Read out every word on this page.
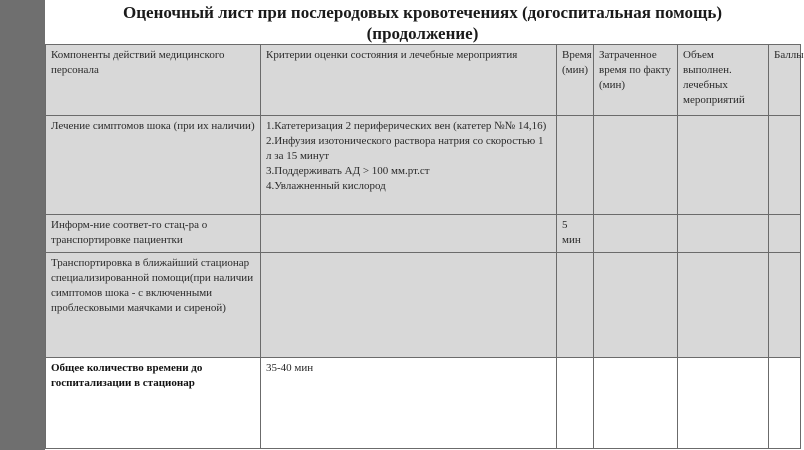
Оценочный лист при послеродовых кровотечениях (догоспитальная помощь)
(продолжение)
Компоненты действий медицинского персонала	Критерии оценки состояния и лечебные мероприятия	Время (мин)	Затраченное время по факту (мин)	Объем выполнен. лечебных мероприятий	Баллы
Лечение симптомов шока (при их наличии)	1.Катетеризация 2 периферических вен (катетер №№ 14,16)
2.Инфузия изотонического раствора натрия со скоростью 1 л за 15 минут
3.Поддерживать АД > 100 мм.рт.ст
4.Увлажненный кислород				

Информ-ние соответ-го стац-ра о транспортировке пациентки		5 мин			
Транспортировка в ближайший стационар специализированной помощи(при наличии симптомов шока - с включенными проблесковыми маячками и сиреной)					
Общее количество времени до госпитализации в стационар	35-40 мин				
